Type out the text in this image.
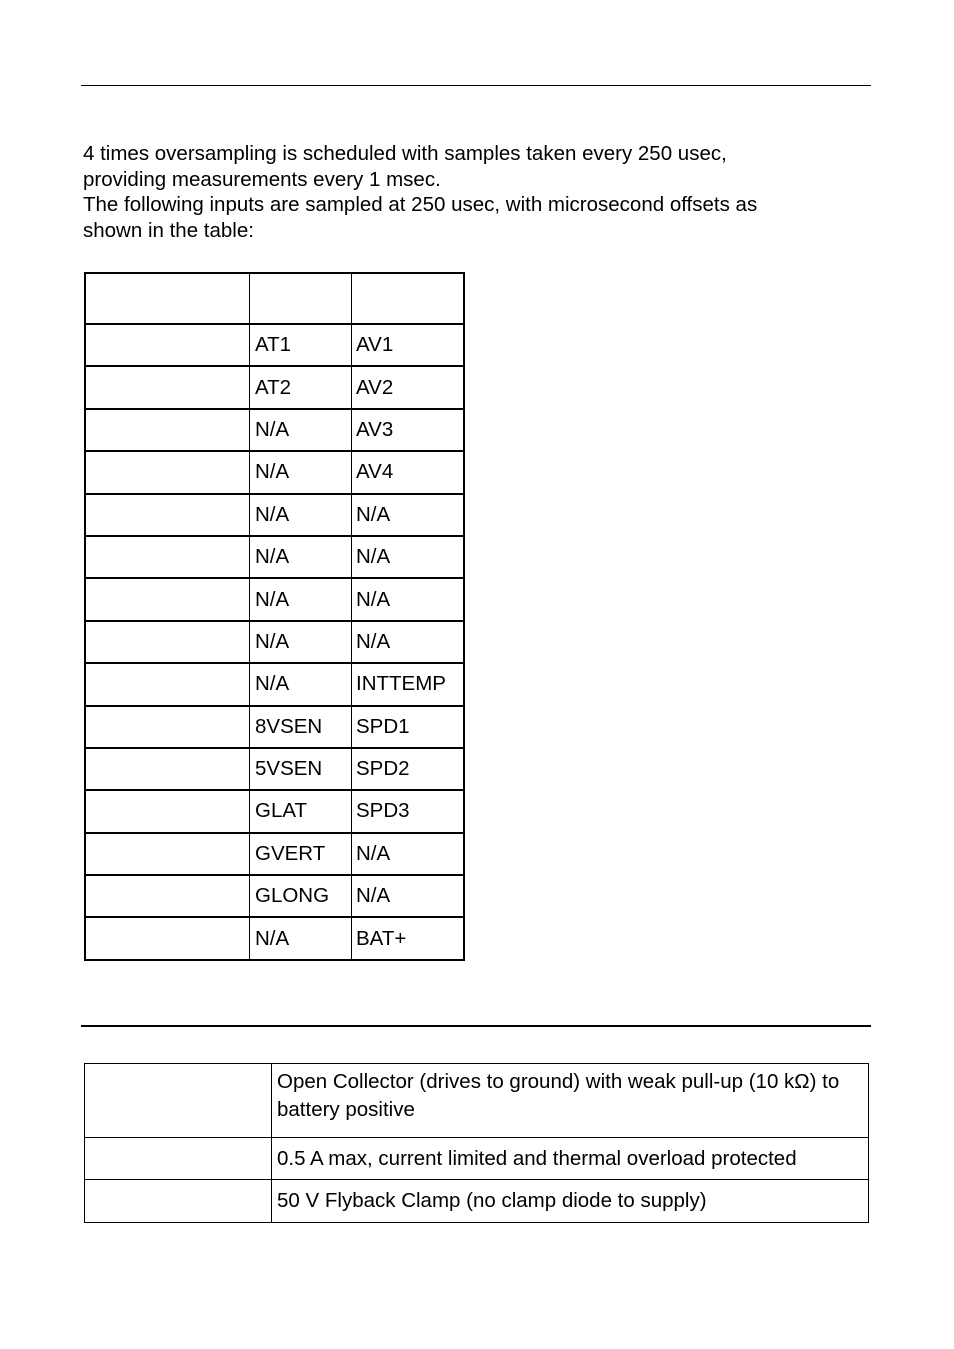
4 times oversampling is scheduled with samples taken every 250 usec,
providing measurements every 1 msec.
The following inputs are sampled at 250 usec, with microsecond offsets as
shown in the table:

	AT1	AV1
	AT2	AV2
	N/A	AV3
	N/A	AV4
	N/A	N/A
	N/A	N/A
	N/A	N/A
	N/A	N/A
	N/A	INTTEMP
	8VSEN	SPD1
	5VSEN	SPD2
	GLAT	SPD3
	GVERT	N/A
	GLONG	N/A
	N/A	BAT+
	Open Collector (drives to ground) with weak pull-up (10 kΩ) to battery positive
	0.5 A max, current limited and thermal overload protected
	50 V Flyback Clamp (no clamp diode to supply)
